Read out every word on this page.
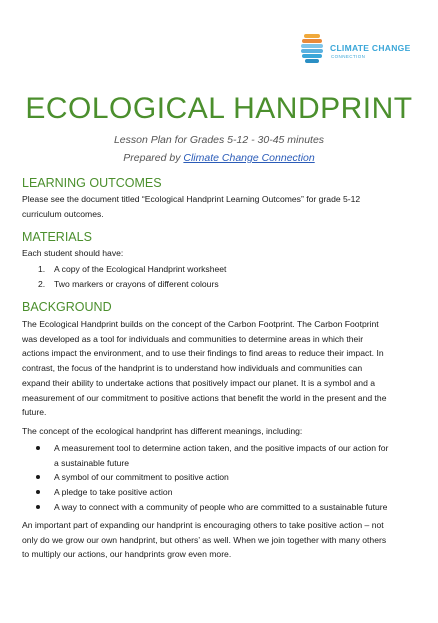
CLIMATE CHANGE
CONNECTION
ECOLOGICAL HANDPRINT
Lesson Plan for Grades 5-12 - 30-45 minutes
Prepared by Climate Change Connection
LEARNING OUTCOMES
Please see the document titled “Ecological Handprint Learning Outcomes” for grade 5-12
curriculum outcomes.
MATERIALS
Each student should have:
1. A copy of the Ecological Handprint worksheet
2. Two markers or crayons of different colours
BACKGROUND
The Ecological Handprint builds on the concept of the Carbon Footprint. The Carbon Footprint
was developed as a tool for individuals and communities to determine areas in which their
actions impact the environment, and to use their findings to find areas to reduce their impact. In
contrast, the focus of the handprint is to understand how individuals and communities can
expand their ability to undertake actions that positively impact our planet. It is a symbol and a
measurement of our commitment to positive actions that benefit the world in the present and the
future.
The concept of the ecological handprint has different meanings, including:
A measurement tool to determine action taken, and the positive impacts of our action for
a sustainable future
A symbol of our commitment to positive action
A pledge to take positive action
A way to connect with a community of people who are committed to a sustainable future
An important part of expanding our handprint is encouraging others to take positive action – not
only do we grow our own handprint, but others’ as well. When we join together with many others
to multiply our actions, our handprints grow even more.
